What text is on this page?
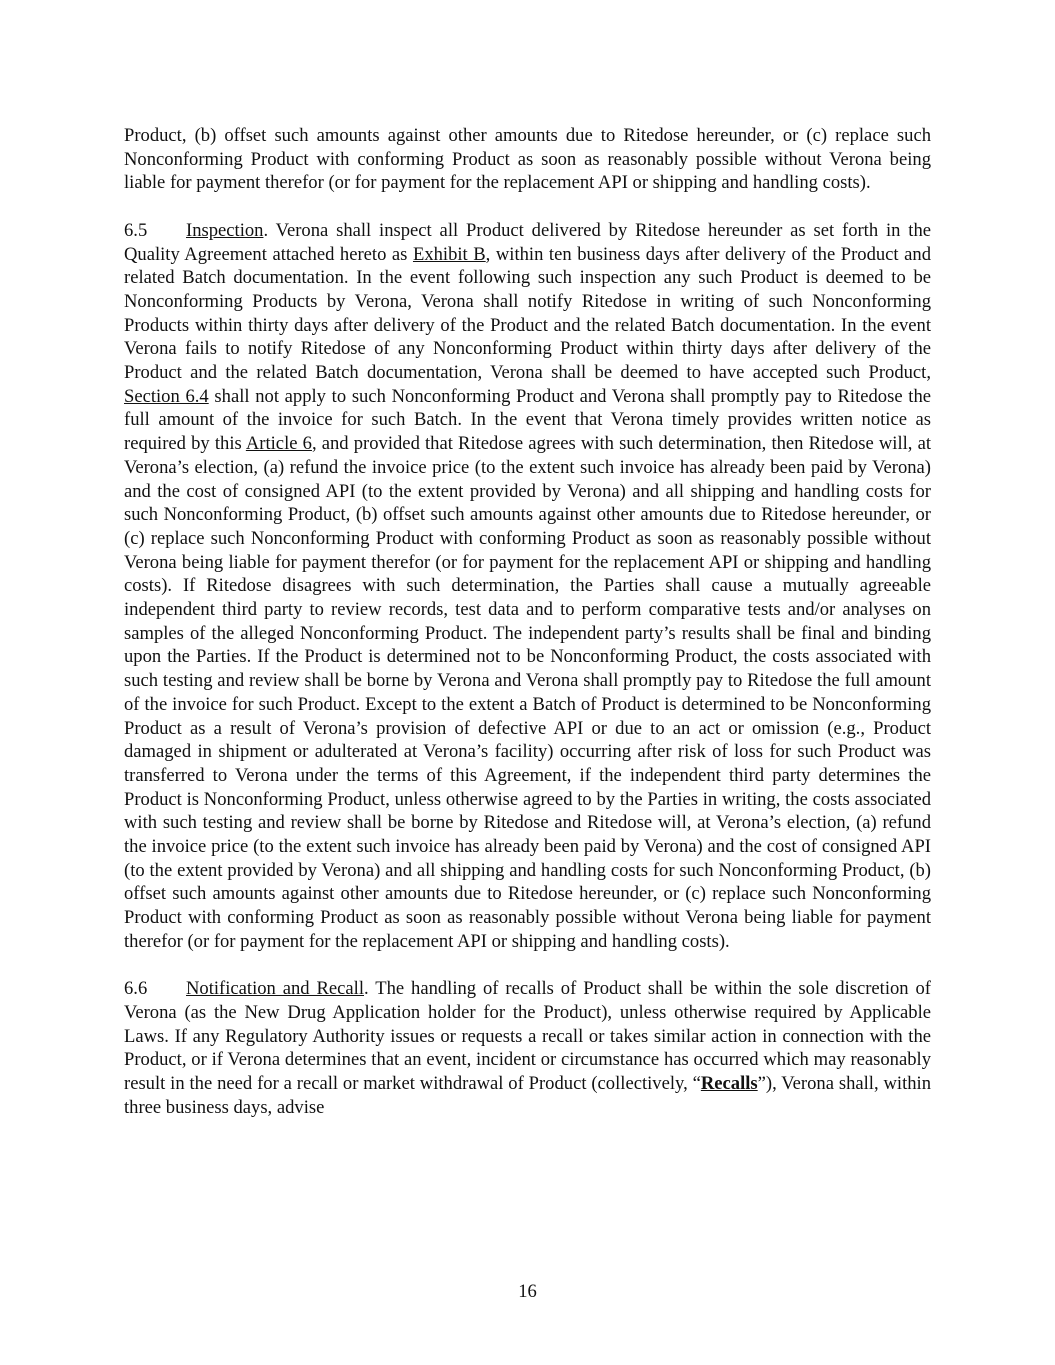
Product, (b) offset such amounts against other amounts due to Ritedose hereunder, or (c) replace such Nonconforming Product with conforming Product as soon as reasonably possible without Verona being liable for payment therefor (or for payment for the replacement API or shipping and handling costs).

6.5 Inspection. Verona shall inspect all Product delivered by Ritedose hereunder as set forth in the Quality Agreement attached hereto as Exhibit B, within ten business days after delivery of the Product and related Batch documentation. In the event following such inspection any such Product is deemed to be Nonconforming Products by Verona, Verona shall notify Ritedose in writing of such Nonconforming Products within thirty days after delivery of the Product and the related Batch documentation. In the event Verona fails to notify Ritedose of any Nonconforming Product within thirty days after delivery of the Product and the related Batch documentation, Verona shall be deemed to have accepted such Product, Section 6.4 shall not apply to such Nonconforming Product and Verona shall promptly pay to Ritedose the full amount of the invoice for such Batch. In the event that Verona timely provides written notice as required by this Article 6, and provided that Ritedose agrees with such determination, then Ritedose will, at Verona’s election, (a) refund the invoice price (to the extent such invoice has already been paid by Verona) and the cost of consigned API (to the extent provided by Verona) and all shipping and handling costs for such Nonconforming Product, (b) offset such amounts against other amounts due to Ritedose hereunder, or (c) replace such Nonconforming Product with conforming Product as soon as reasonably possible without Verona being liable for payment therefor (or for payment for the replacement API or shipping and handling costs). If Ritedose disagrees with such determination, the Parties shall cause a mutually agreeable independent third party to review records, test data and to perform comparative tests and/or analyses on samples of the alleged Nonconforming Product. The independent party’s results shall be final and binding upon the Parties. If the Product is determined not to be Nonconforming Product, the costs associated with such testing and review shall be borne by Verona and Verona shall promptly pay to Ritedose the full amount of the invoice for such Product. Except to the extent a Batch of Product is determined to be Nonconforming Product as a result of Verona’s provision of defective API or due to an act or omission (e.g., Product damaged in shipment or adulterated at Verona’s facility) occurring after risk of loss for such Product was transferred to Verona under the terms of this Agreement, if the independent third party determines the Product is Nonconforming Product, unless otherwise agreed to by the Parties in writing, the costs associated with such testing and review shall be borne by Ritedose and Ritedose will, at Verona’s election, (a) refund the invoice price (to the extent such invoice has already been paid by Verona) and the cost of consigned API (to the extent provided by Verona) and all shipping and handling costs for such Nonconforming Product, (b) offset such amounts against other amounts due to Ritedose hereunder, or (c) replace such Nonconforming Product with conforming Product as soon as reasonably possible without Verona being liable for payment therefor (or for payment for the replacement API or shipping and handling costs).

6.6 Notification and Recall. The handling of recalls of Product shall be within the sole discretion of Verona (as the New Drug Application holder for the Product), unless otherwise required by Applicable Laws. If any Regulatory Authority issues or requests a recall or takes similar action in connection with the Product, or if Verona determines that an event, incident or circumstance has occurred which may reasonably result in the need for a recall or market withdrawal of Product (collectively, “Recalls”), Verona shall, within three business days, advise

16
